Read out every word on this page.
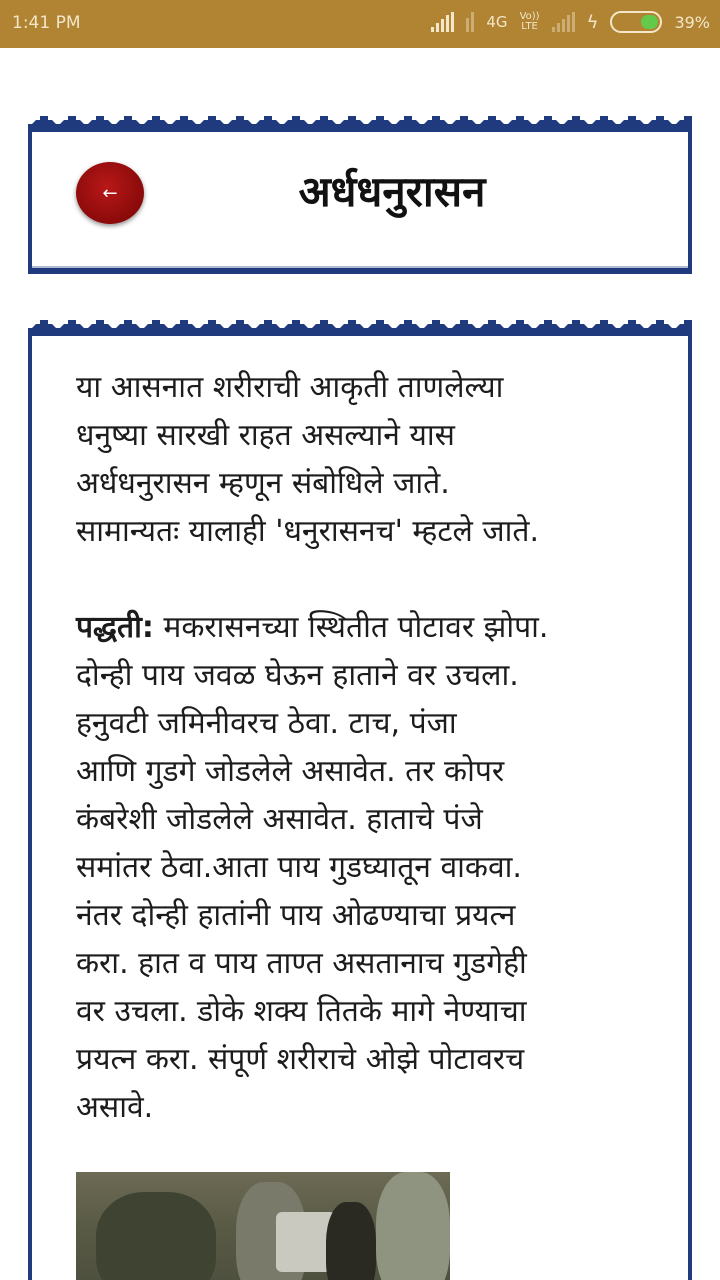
1:41 PM	4G Vo))
LTE	ϟ	39%
←	अर्धधनुरासन
या आसनात शरीराची आकृती ताणलेल्या
धनुष्या सारखी राहत असल्याने यास
अर्धधनुरासन म्हणून संबोधिले जाते.
सामान्यतः यालाही 'धनुरासनच' म्हटले जाते.
पद्धती: मकरासनच्या स्थितीत पोटावर झोपा.
दोन्ही पाय जवळ घेऊन हाताने वर उचला.
हनुवटी जमिनीवरच ठेवा. टाच, पंजा
आणि गुडगे जोडलेले असावेत. तर कोपर
कंबरेशी जोडलेले असावेत. हाताचे पंजे
समांतर ठेवा.आता पाय गुडघ्यातून वाकवा.
नंतर दोन्ही हातांनी पाय ओढण्याचा प्रयत्न
करा. हात व पाय ताण्त असतानाच गुडगेही
वर उचला. डोके शक्य तितके मागे नेण्याचा
प्रयत्न करा. संपूर्ण शरीराचे ओझे पोटावरच
असावे.
